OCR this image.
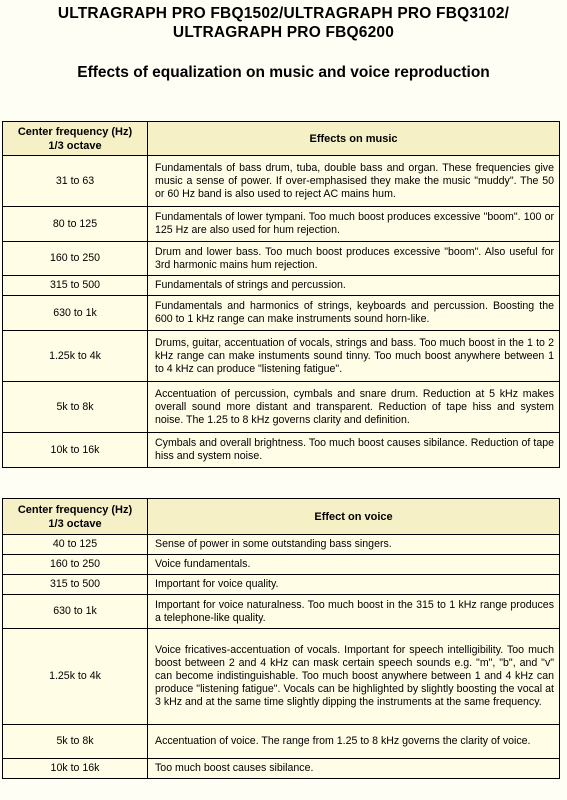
ULTRAGRAPH PRO FBQ1502/ULTRAGRAPH PRO FBQ3102/
ULTRAGRAPH PRO FBQ6200
Effects of equalization on music and voice reproduction
Center frequency (Hz)
1/3 octave	Effects on music
31 to 63	Fundamentals of bass drum, tuba, double bass and organ. These frequencies give music a sense of power. If over-emphasised they make the music "muddy". The 50 or 60 Hz band is also used to reject AC mains hum.
80 to 125	Fundamentals of lower tympani. Too much boost produces excessive "boom". 100 or 125 Hz are also used for hum rejection.
160 to 250	Drum and lower bass. Too much boost produces excessive "boom". Also useful for 3rd harmonic mains hum rejection.
315 to 500	Fundamentals of strings and percussion.
630 to 1k	Fundamentals and harmonics of strings, keyboards and percussion. Boosting the 600 to 1 kHz range can make instruments sound horn-like.
1.25k to 4k	Drums, guitar, accentuation of vocals, strings and bass. Too much boost in the 1 to 2 kHz range can make instuments sound tinny. Too much boost anywhere between 1 to 4 kHz can produce "listening fatigue".
5k to 8k	Accentuation of percussion, cymbals and snare drum. Reduction at 5 kHz makes overall sound more distant and transparent. Reduction of tape hiss and system noise. The 1.25 to 8 kHz governs clarity and definition.
10k to 16k	Cymbals and overall brightness. Too much boost causes sibilance. Reduction of tape hiss and system noise.
Center frequency (Hz)
1/3 octave	Effect on voice
40 to 125	Sense of power in some outstanding bass singers.
160 to 250	Voice fundamentals.
315 to 500	Important for voice quality.
630 to 1k	Important for voice naturalness. Too much boost in the 315 to 1 kHz range produces a telephone-like quality.
1.25k to 4k	Voice fricatives-accentuation of vocals. Important for speech intelligibility. Too much boost between 2 and 4 kHz can mask certain speech sounds e.g. "m", "b", and "v" can become indistinguishable. Too much boost anywhere between 1 and 4 kHz can produce "listening fatigue". Vocals can be highlighted by slightly boosting the vocal at 3 kHz and at the same time slightly dipping the instruments at the same frequency.
5k to 8k	Accentuation of voice. The range from 1.25 to 8 kHz governs the clarity of voice.
10k to 16k	Too much boost causes sibilance.
